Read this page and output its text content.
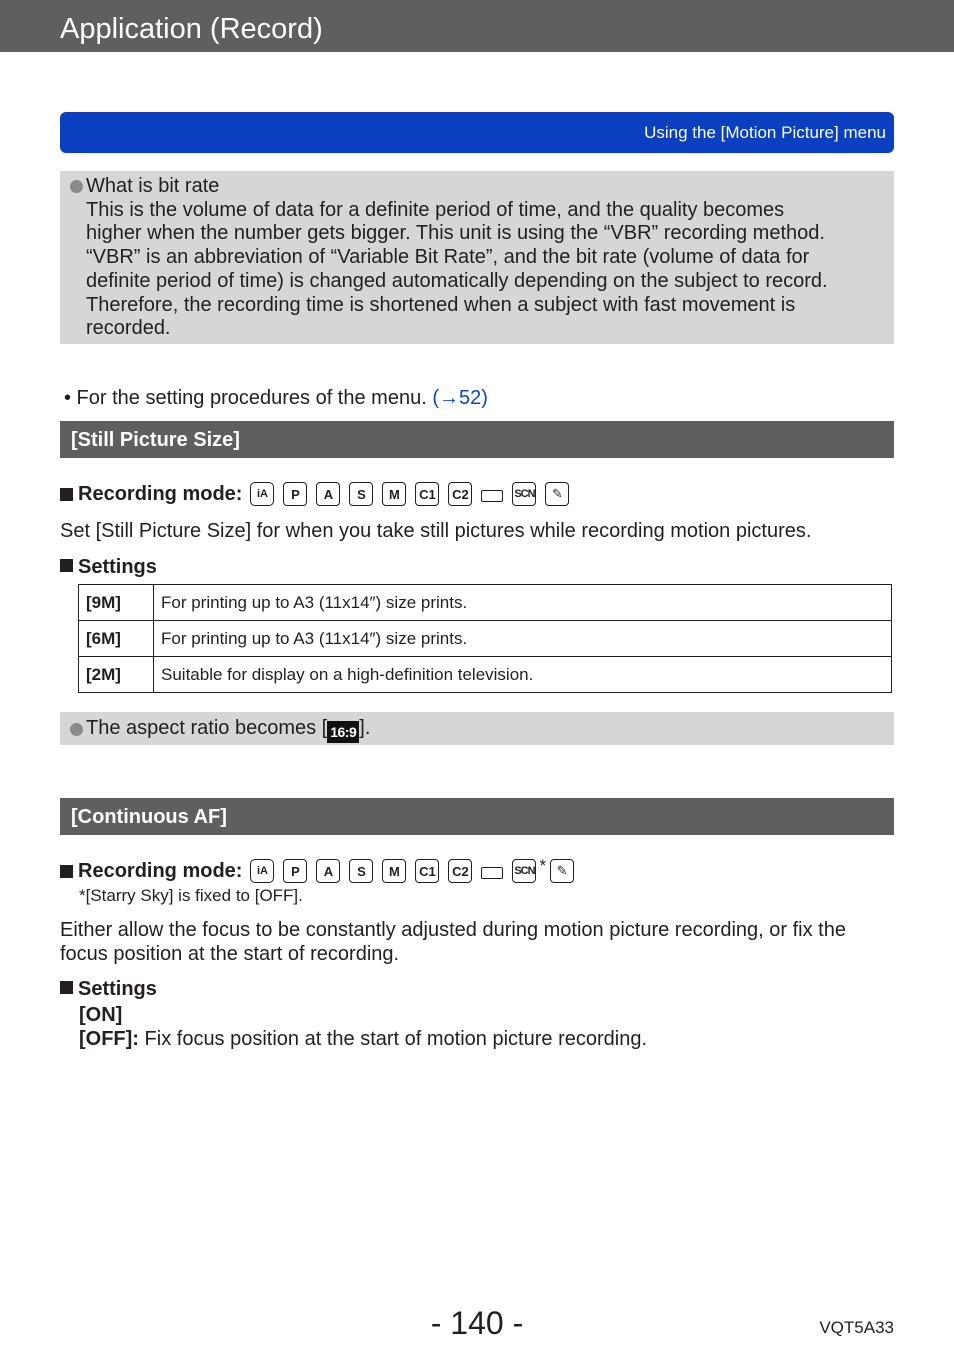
Application (Record)
Using the [Motion Picture] menu
What is bit rate
This is the volume of data for a definite period of time, and the quality becomes
higher when the number gets bigger. This unit is using the “VBR” recording method.
“VBR” is an abbreviation of “Variable Bit Rate”, and the bit rate (volume of data for
definite period of time) is changed automatically depending on the subject to record.
Therefore, the recording time is shortened when a subject with fast movement is
recorded.
• For the setting procedures of the menu. (→52)
[Still Picture Size]
Recording mode:	iA	P	A	S	M	C1 C2	SCN	✎
Set [Still Picture Size] for when you take still pictures while recording motion pictures.
Settings
[9M]	For printing up to A3 (11x14″) size prints.
[6M]	For printing up to A3 (11x14″) size prints.
[2M]	Suitable for display on a high-definition television.
The aspect ratio becomes [ 16:9 ].
[Continuous AF]
Recording mode:	iA	P	A	S	M	C1 C2	SCN * ✎
*[Starry Sky] is fixed to [OFF].
Either allow the focus to be constantly adjusted during motion picture recording, or fix the
focus position at the start of recording.
Settings
[ON]
[OFF]: Fix focus position at the start of motion picture recording.
- 140 -	VQT5A33
